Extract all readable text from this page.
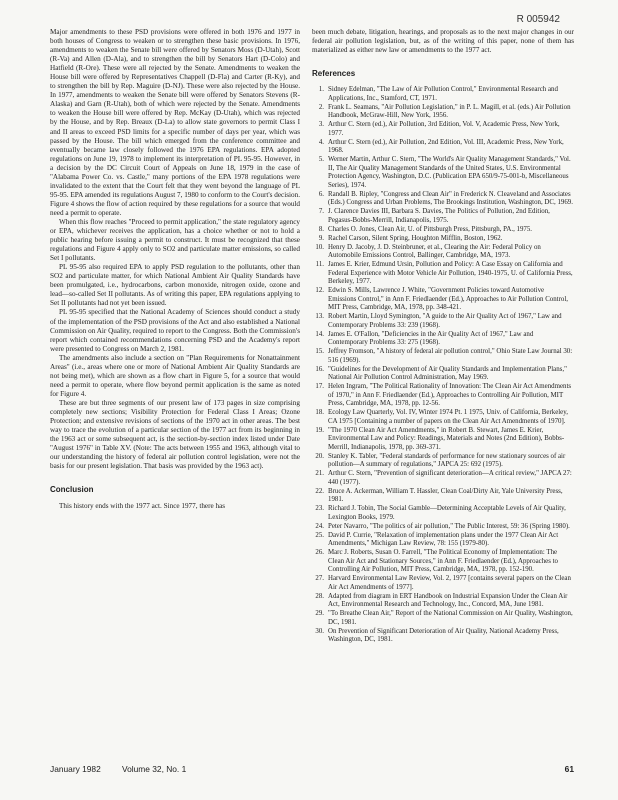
R 005942

Major amendments to these PSD provisions were offered in both 1976 and 1977 in both houses of Congress to weaken or to strengthen these basic provisions. In 1976, amendments to weaken the Senate bill were offered by Senators Moss (D-Utah), Scott (R-Va) and Allen (D-Ala), and to strengthen the bill by Senators Hart (D-Colo) and Hatfield (R-Ore). These were all rejected by the Senate. Amendments to weaken the House bill were offered by Representatives Chappell (D-Fla) and Carter (R-Ky), and to strengthen the bill by Rep. Maguire (D-NJ). These were also rejected by the House. In 1977, amendments to weaken the Senate bill were offered by Senators Stevens (R-Alaska) and Garn (R-Utah), both of which were rejected by the Senate. Amendments to weaken the House bill were offered by Rep. McKay (D-Utah), which was rejected by the House, and by Rep. Breaux (D-La) to allow state governors to permit Class I and II areas to exceed PSD limits for a specific number of days per year, which was passed by the House. The bill which emerged from the conference committee and eventually became law closely followed the 1976 EPA regulations. EPA adopted regulations on June 19, 1978 to implement its interpretation of PL 95-95. However, in a decision by the DC Circuit Court of Appeals on June 18, 1979 in the case of "Alabama Power Co. vs. Castle," many portions of the EPA 1978 regulations were invalidated to the extent that the Court felt that they went beyond the language of PL 95-95. EPA amended its regulations August 7, 1980 to conform to the Court's decision. Figure 4 shows the flow of action required by these regulations for a source that would need a permit to operate.

When this flow reaches "Proceed to permit application," the state regulatory agency or EPA, whichever receives the application, has a choice whether or not to hold a public hearing before issuing a permit to construct. It must be recognized that these regulations and Figure 4 apply only to SO2 and particulate matter emissions, so called Set I pollutants.

PL 95-95 also required EPA to apply PSD regulation to the pollutants, other than SO2 and particulate matter, for which National Ambient Air Quality Standards have been promulgated, i.e., hydrocarbons, carbon monoxide, nitrogen oxide, ozone and lead—so-called Set II pollutants. As of writing this paper, EPA regulations applying to Set II pollutants had not yet been issued.

PL 95-95 specified that the National Academy of Sciences should conduct a study of the implementation of the PSD provisions of the Act and also established a National Commission on Air Quality, required to report to the Congress. Both the Commission's report which contained recommendations concerning PSD and the Academy's report were presented to Congress on March 2, 1981.

The amendments also include a section on "Plan Requirements for Nonattainment Areas" (i.e., areas where one or more of National Ambient Air Quality Standards are not being met), which are shown as a flow chart in Figure 5, for a source that would need a permit to operate, where flow beyond permit application is the same as noted for Figure 4.

These are but three segments of our present law of 173 pages in size comprising completely new sections; Visibility Protection for Federal Class I Areas; Ozone Protection; and extensive revisions of sections of the 1970 act in other areas. The best way to trace the evolution of a particular section of the 1977 act from its beginning in the 1963 act or some subsequent act, is the section-by-section index listed under Date "August 1976" in Table XV. (Note: The acts between 1955 and 1963, although vital to our understanding the history of federal air pollution control legislation, were not the basis for our present legislation. That basis was provided by the 1963 act).

Conclusion

This history ends with the 1977 act. Since 1977, there has

been much debate, litigation, hearings, and proposals as to the next major changes in our federal air pollution legislation, but, as of the writing of this paper, none of them has materialized as either new law or amendments to the 1977 act.

References
1. Sidney Edelman, "The Law of Air Pollution Control," Environmental Research and Applications, Inc., Stamford, CT, 1971.
2. Frank L. Seamans, "Air Pollution Legislation," in P. L. Magill, et al. (eds.) Air Pollution Handbook, McGraw-Hill, New York, 1956.
3. Arthur C. Stern (ed.), Air Pollution, 3rd Edition, Vol. V, Academic Press, New York, 1977.
4. Arthur C. Stern (ed.), Air Pollution, 2nd Edition, Vol. III, Academic Press, New York, 1968.
5. Werner Martin, Arthur C. Stern, "The World's Air Quality Management Standards," Vol. II, The Air Quality Management Standards of the United States, U.S. Environmental Protection Agency, Washington, D.C. (Publication EPA 650/9-75-001-b, Miscellaneous Series), 1974.
6. Randall B. Ripley, "Congress and Clean Air" in Frederick N. Cleaveland and Associates (Eds.) Congress and Urban Problems, The Brookings Institution, Washington, DC, 1969.
7. J. Clarence Davies III, Barbara S. Davies, The Politics of Pollution, 2nd Edition, Pegasus-Bobbs-Merrill, Indianapolis, 1975.
8. Charles O. Jones, Clean Air, U. of Pittsburgh Press, Pittsburgh, PA., 1975.
9. Rachel Carson, Silent Spring, Houghton Mifflin, Boston, 1962.
10. Henry D. Jacoby, J. D. Steinbruner, et al., Clearing the Air: Federal Policy on Automobile Emissions Control, Ballinger, Cambridge, MA, 1973.
11. James E. Krier, Edmund Ursin, Pollution and Policy: A Case Essay on California and Federal Experience with Motor Vehicle Air Pollution, 1940-1975, U. of California Press, Berkeley, 1977.
12. Edwin S. Mills, Lawrence J. White, "Government Policies toward Automotive Emissions Control," in Ann F. Friedlaender (Ed.), Approaches to Air Pollution Control, MIT Press, Cambridge, MA, 1978, pp. 348-421.
13. Robert Martin, Lloyd Symington, "A guide to the Air Quality Act of 1967," Law and Contemporary Problems 33: 239 (1968).
14. James E. O'Fallon, "Deficiencies in the Air Quality Act of 1967," Law and Contemporary Problems 33: 275 (1968).
15. Jeffrey Fromson, "A history of federal air pollution control," Ohio State Law Journal 30: 516 (1969).
16. "Guidelines for the Development of Air Quality Standards and Implementation Plans," National Air Pollution Control Administration, May 1969.
17. Helen Ingram, "The Political Rationality of Innovation: The Clean Air Act Amendments of 1970," in Ann F. Friedlaender (Ed.), Approaches to Controlling Air Pollution, MIT Press, Cambridge, MA, 1978, pp. 12-56.
18. Ecology Law Quarterly, Vol. IV, Winter 1974 Pt. 1 1975, Univ. of California, Berkeley, CA 1975 [Containing a number of papers on the Clean Air Act Amendments of 1970].
19. "The 1970 Clean Air Act Amendments," in Robert B. Stewart, James E. Krier, Environmental Law and Policy: Readings, Materials and Notes (2nd Edition), Bobbs-Merrill, Indianapolis, 1978, pp. 369-371.
20. Stanley K. Tabler, "Federal standards of performance for new stationary sources of air pollution—A summary of regulations," JAPCA 25: 692 (1975).
21. Arthur C. Stern, "Prevention of significant deterioration—A critical review," JAPCA 27: 440 (1977).
22. Bruce A. Ackerman, William T. Hassler, Clean Coal/Dirty Air, Yale University Press, 1981.
23. Richard J. Tobin, The Social Gamble—Determining Acceptable Levels of Air Quality, Lexington Books, 1979.
24. Peter Navarro, "The politics of air pollution," The Public Interest, 59: 36 (Spring 1980).
25. David P. Currie, "Relaxation of implementation plans under the 1977 Clean Air Act Amendments," Michigan Law Review, 78: 155 (1979-80).
26. Marc J. Roberts, Susan O. Farrell, "The Political Economy of Implementation: The Clean Air Act and Stationary Sources," in Ann F. Friedlaender (Ed.), Approaches to Controlling Air Pollution, MIT Press, Cambridge, MA, 1978, pp. 152-190.
27. Harvard Environmental Law Review, Vol. 2, 1977 [contains several papers on the Clean Air Act Amendments of 1977].
28. Adapted from diagram in ERT Handbook on Industrial Expansion Under the Clean Air Act, Environmental Research and Technology, Inc., Concord, MA, June 1981.
29. "To Breathe Clean Air," Report of the National Commission on Air Quality, Washington, DC, 1981.
30. On Prevention of Significant Deterioration of Air Quality, National Academy Press, Washington, DC, 1981.
January 1982	Volume 32, No. 1	61
